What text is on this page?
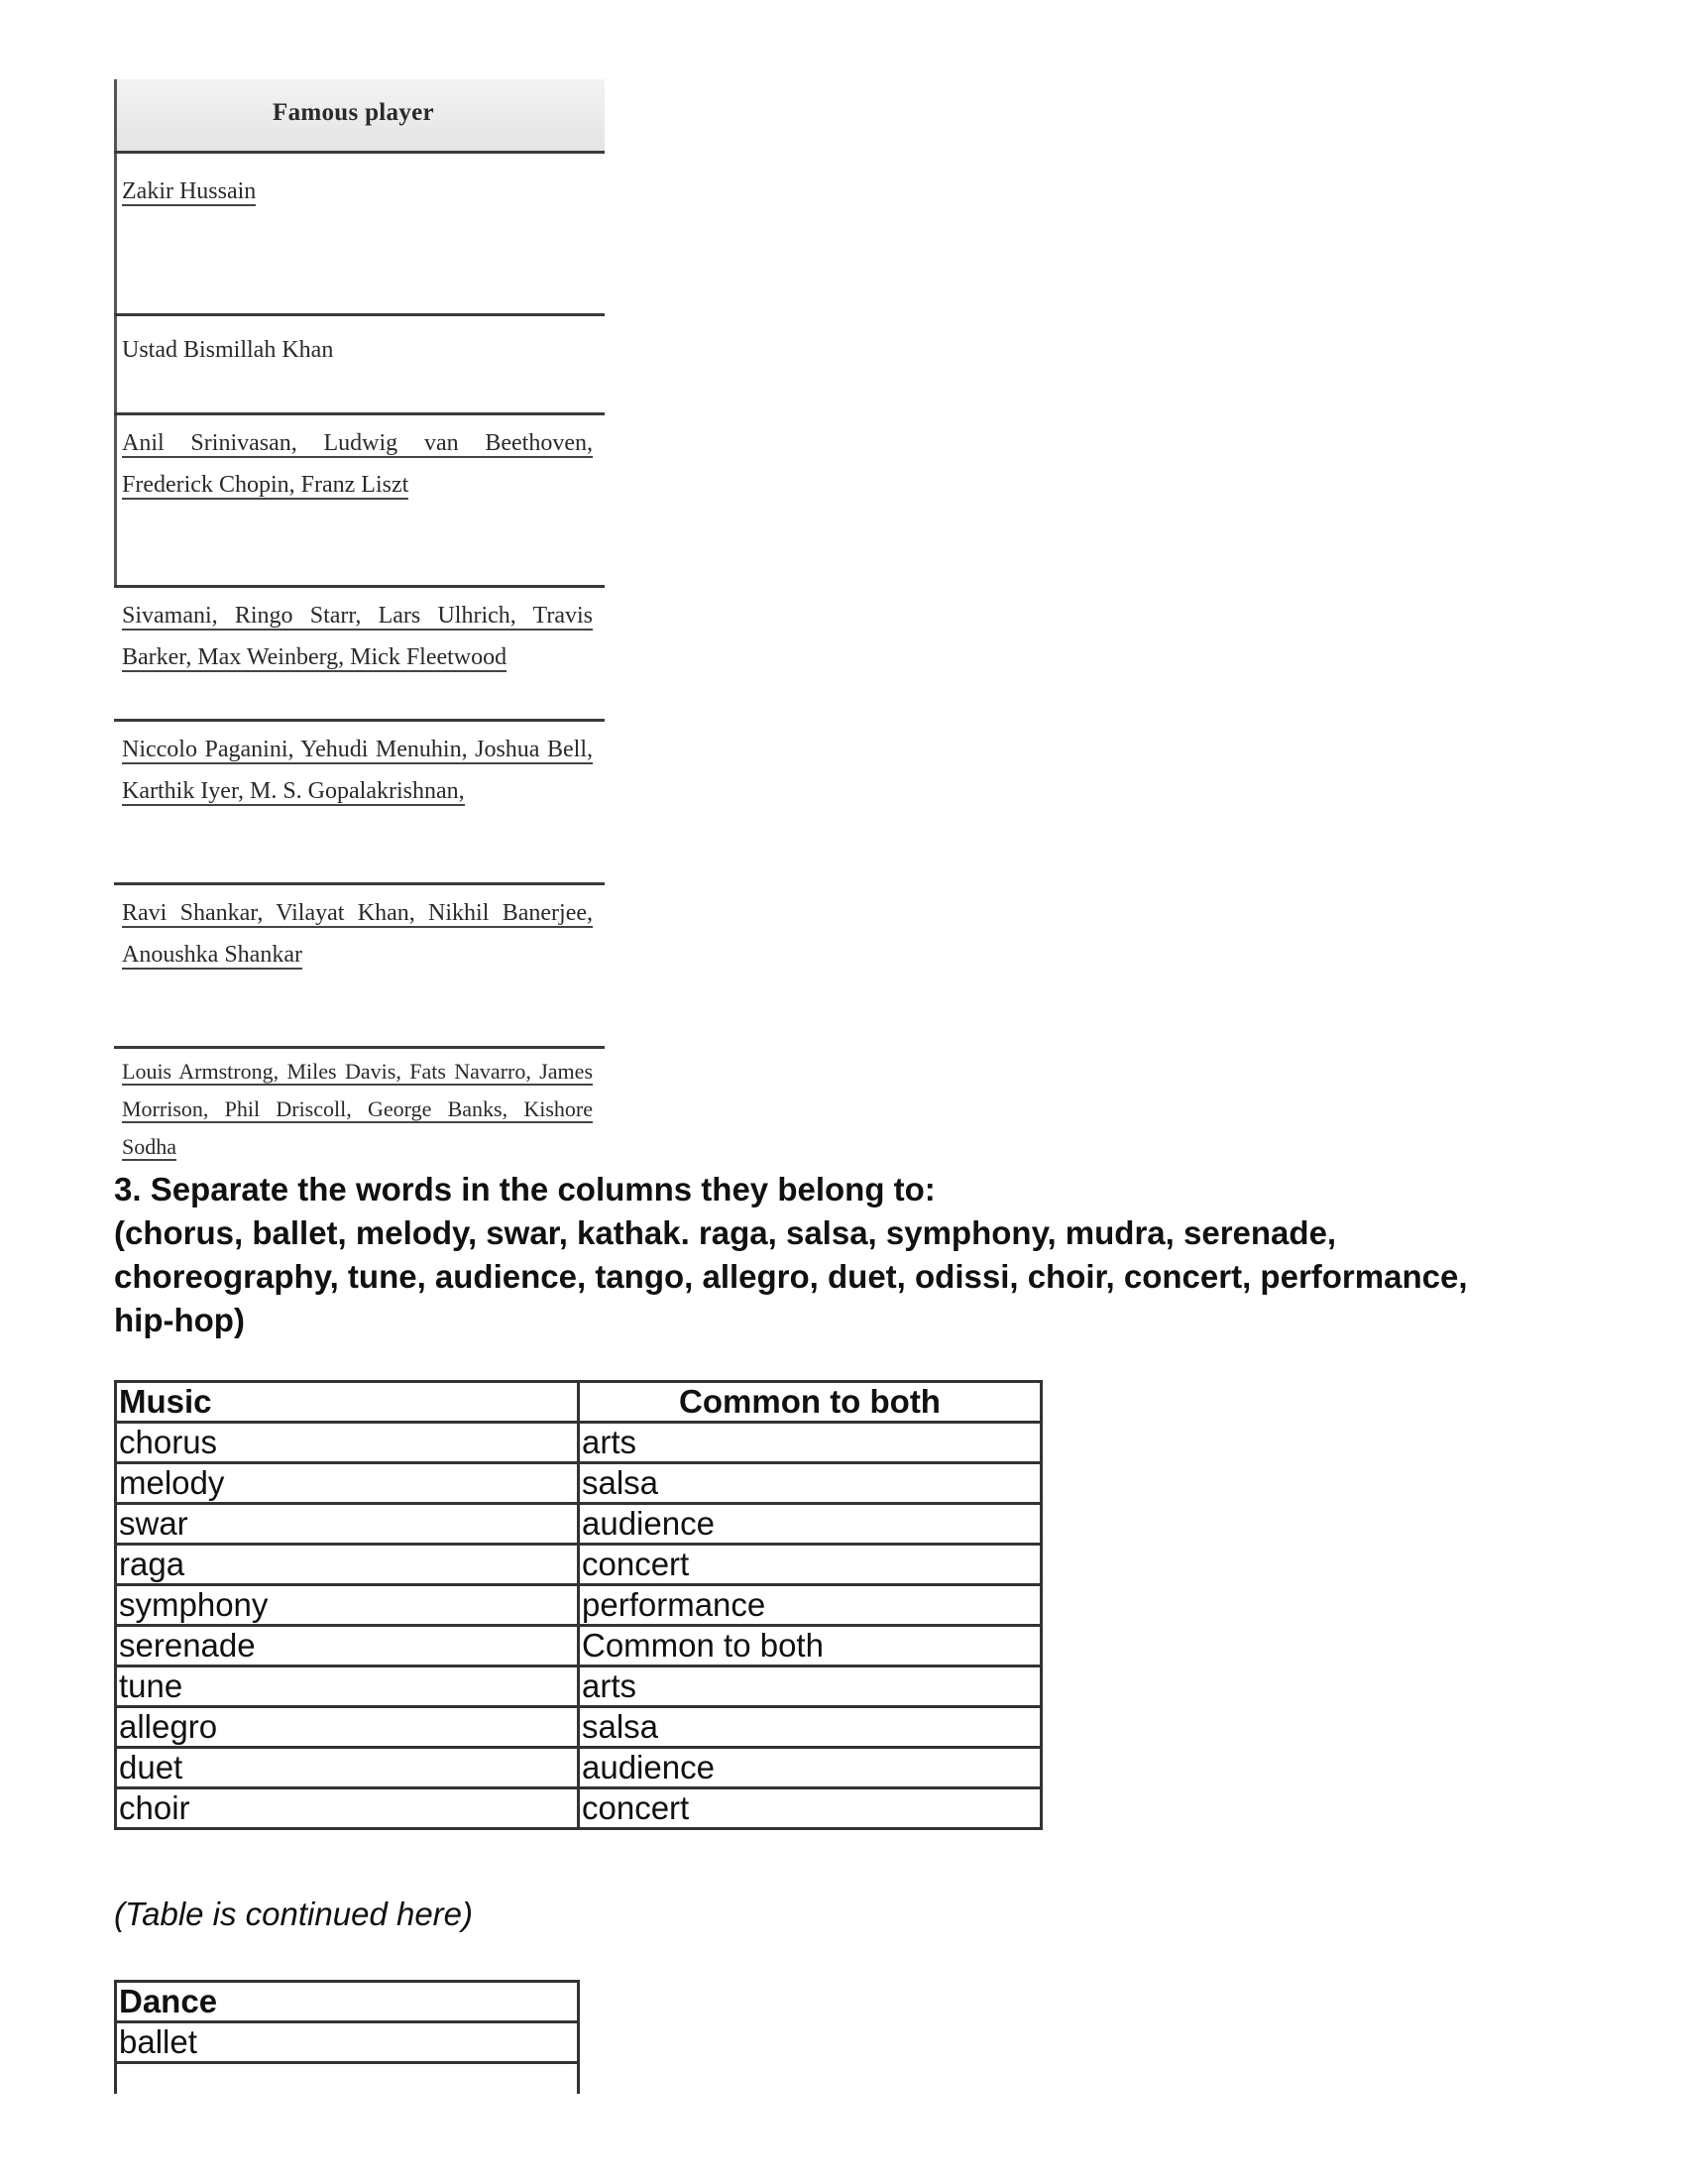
Famous player
Zakir Hussain
Ustad Bismillah Khan
Anil Srinivasan, Ludwig van Beethoven, Frederick Chopin, Franz Liszt
Sivamani, Ringo Starr, Lars Ulhrich, Travis Barker, Max Weinberg, Mick Fleetwood
Niccolo Paganini, Yehudi Menuhin, Joshua Bell, Karthik Iyer, M. S. Gopalakrishnan,
Ravi Shankar, Vilayat Khan, Nikhil Banerjee, Anoushka Shankar
Louis Armstrong, Miles Davis, Fats Navarro, James Morrison, Phil Driscoll, George Banks, Kishore Sodha
3. Separate the words in the columns they belong to:
(chorus, ballet, melody, swar, kathak. raga, salsa, symphony, mudra, serenade,
choreography, tune, audience, tango, allegro, duet, odissi, choir, concert, performance,
hip-hop)
Music	Common to both
chorus	arts
melody	salsa
swar	audience
raga	concert
symphony	performance
serenade	Common to both
tune	arts
allegro	salsa
duet	audience
choir	concert
(Table is continued here)
Dance
ballet
